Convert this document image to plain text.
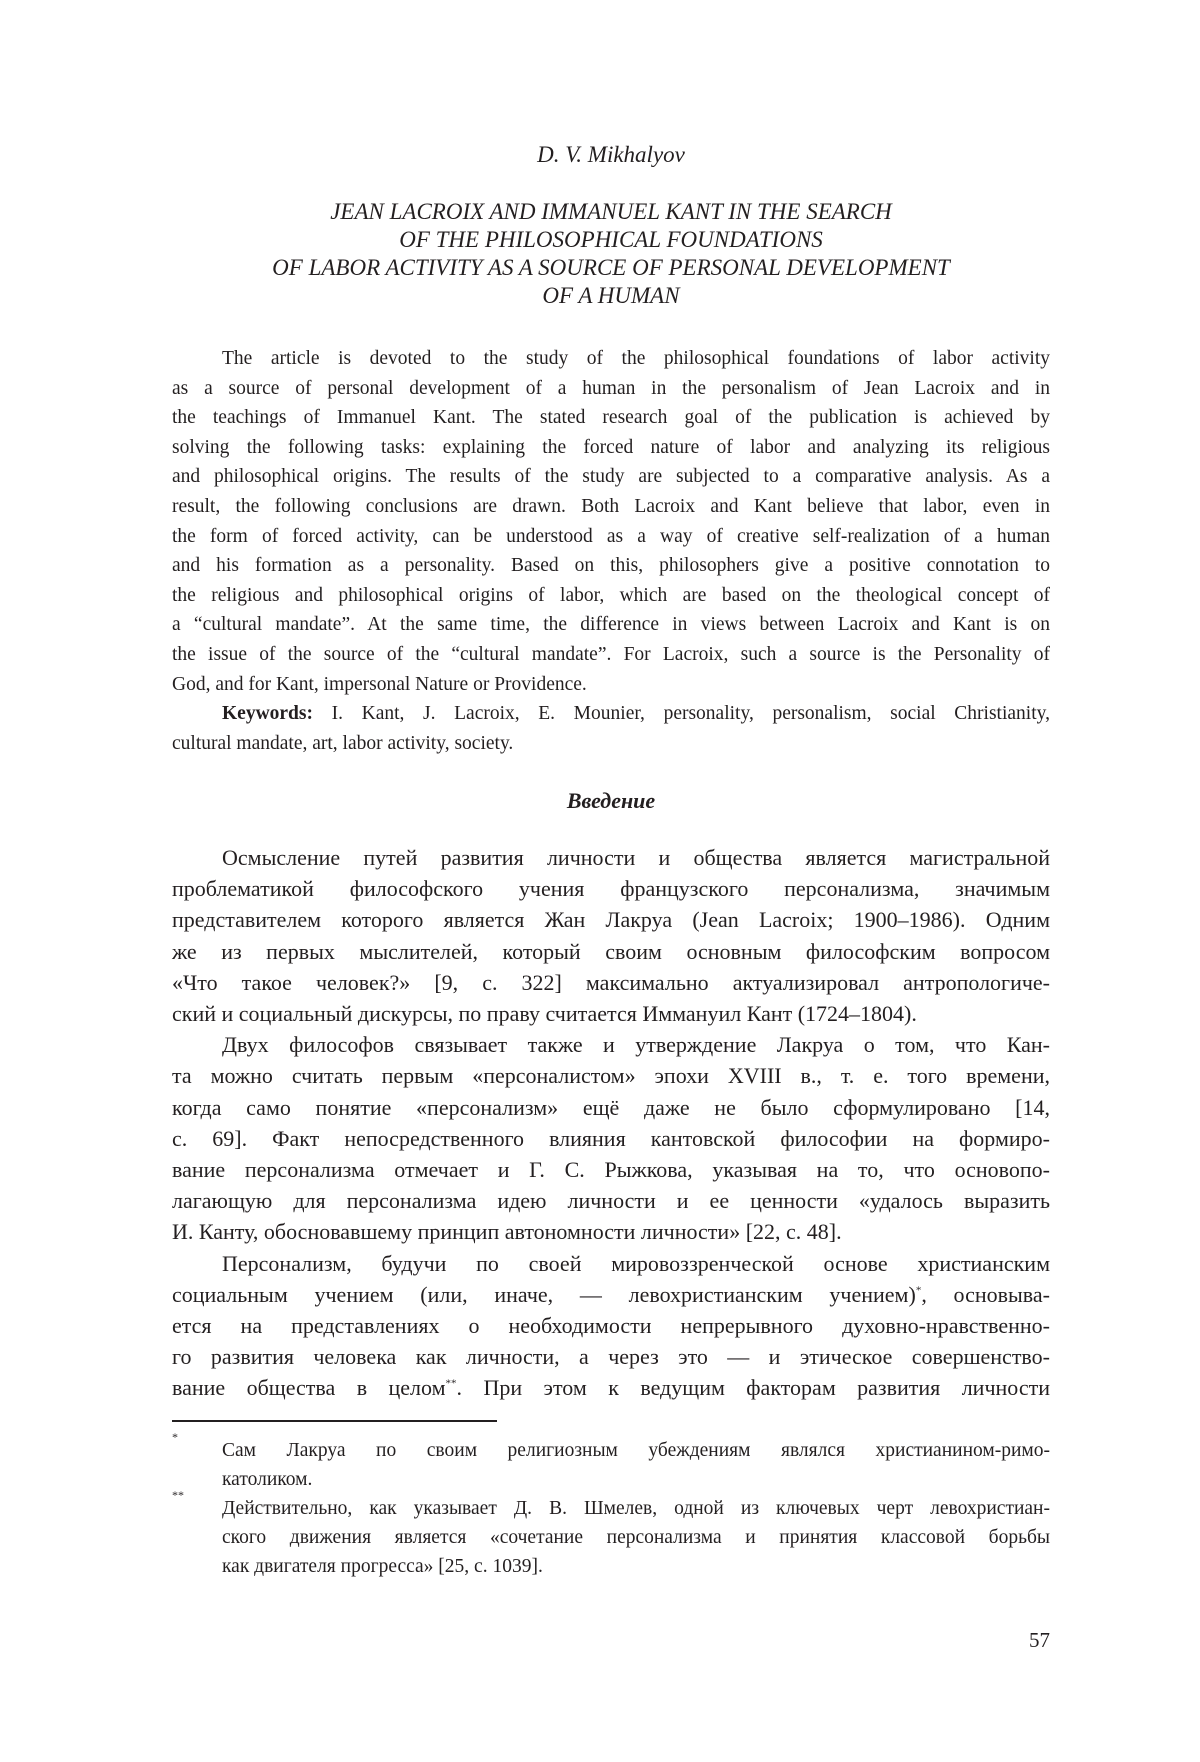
D. V. Mikhalyov
JEAN LACROIX AND IMMANUEL KANT IN THE SEARCH
OF THE PHILOSOPHICAL FOUNDATIONS
OF LABOR ACTIVITY AS A SOURCE OF PERSONAL DEVELOPMENT
OF A HUMAN
The article is devoted to the study of the philosophical foundations of labor activity
as a source of personal development of a human in the personalism of Jean Lacroix and in
the teachings of Immanuel Kant. The stated research goal of the publication is achieved by
solving the following tasks: explaining the forced nature of labor and analyzing its religious
and philosophical origins. The results of the study are subjected to a comparative analysis. As a
result, the following conclusions are drawn. Both Lacroix and Kant believe that labor, even in
the form of forced activity, can be understood as a way of creative self-realization of a human
and his formation as a personality. Based on this, philosophers give a positive connotation to
the religious and philosophical origins of labor, which are based on the theological concept of
a “cultural mandate”. At the same time, the difference in views between Lacroix and Kant is on
the issue of the source of the “cultural mandate”. For Lacroix, such a source is the Personality of
God, and for Kant, impersonal Nature or Providence.
Keywords: I. Kant, J. Lacroix, E. Mounier, personality, personalism, social Christianity,
cultural mandate, art, labor activity, society.
Введение
Осмысление путей развития личности и общества является магистральной
проблематикой философского учения французского персонализма, значимым
представителем которого является Жан Лакруа (Jean Lacroix; 1900–1986). Одним
же из первых мыслителей, который своим основным философским вопросом
«Что такое человек?» [9, с. 322] максимально актуализировал антропологиче-
ский и социальный дискурсы, по праву считается Иммануил Кант (1724–1804).
Двух философов связывает также и утверждение Лакруа о том, что Кан-
та можно считать первым «персоналистом» эпохи XVIII в., т. е. того времени,
когда само понятие «персонализм» ещё даже не было сформулировано [14,
с. 69]. Факт непосредственного влияния кантовской философии на формиро-
вание персонализма отмечает и Г. С. Рыжкова, указывая на то, что основопо-
лагающую для персонализма идею личности и ее ценности «удалось выразить
И. Канту, обосновавшему принцип автономности личности» [22, с. 48].
Персонализм, будучи по своей мировоззренческой основе христианским
социальным учением (или, иначе, — левохристианским учением)*, основыва-
ется на представлениях о необходимости непрерывного духовно-нравственно-
го развития человека как личности, а через это — и этическое совершенство-
вание общества в целом**. При этом к ведущим факторам развития личности
*
Сам Лакруа по своим религиозным убеждениям являлся христианином-римо-
католиком.
**
Действительно, как указывает Д. В. Шмелев, одной из ключевых черт левохристиан-
ского движения является «сочетание персонализма и принятия классовой борьбы
как двигателя прогресса» [25, с. 1039].
57
